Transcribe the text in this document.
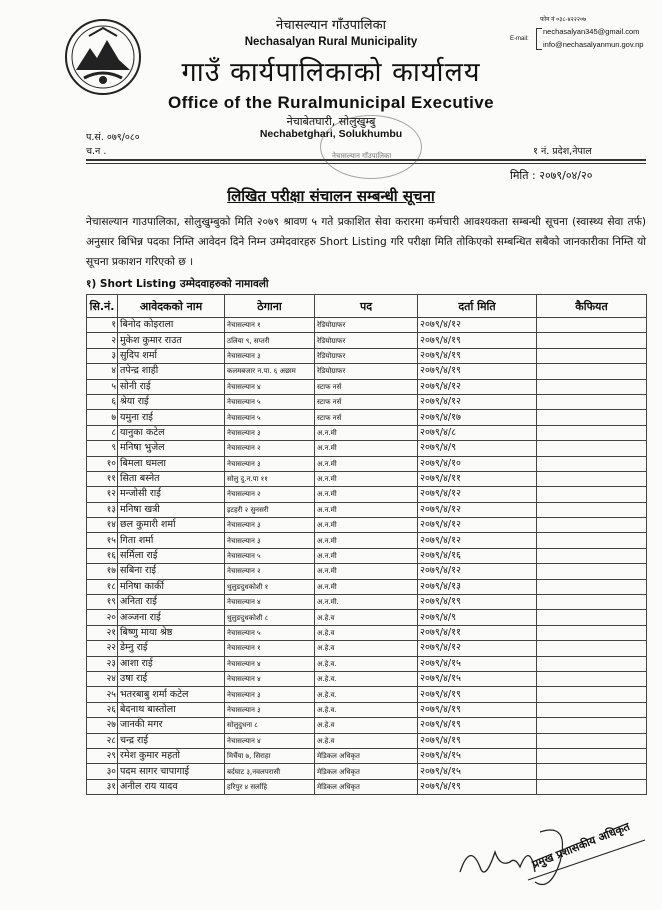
नेचासल्यान गाँउपालिका
Nechasalyan Rural Municipality
गाउँ कार्यपालिकाको कार्यालय
Office of the Ruralmunicipal Executive
नेचाबेतघारी, सोलुखुम्बु
Nechabetghari, Solukhumbu
फोन नं ०३८-४२२२०७
E-mail:
nechasalyan345@gmail.com
info@nechasalyanmun.gov.np
प.सं. ०७९/०८०
च.न .	१ नं. प्रदेश,नेपाल
नेचासल्यान गाँउपालिका
मिति : २०७९/०४/२०
लिखित परीक्षा संचालन सम्बन्धी सूचना
नेचासल्यान गाउपालिका, सोलुखुम्बुको मिति २०७९ श्रावण ५ गते प्रकाशित सेवा करारमा कर्मचारी आवश्यकता सम्बन्धी सूचना (स्वास्थ्य सेवा तर्फ) अनुसार बिभिन्न पदका निम्ति आवेदन दिने निम्न उम्मेदवारहरु Short Listing गरि परीक्षा मिति तोकिएको सम्बन्धित सबैको जानकारीका निम्ति यो सूचना प्रकाशन गरिएको छ ।
१) Short Listing उम्मेदवाहरुको नामावली
सि.नं.	आवेदकको नाम	ठेगाना	पद	दर्ता मिति	कैफियत
१	बिनोद कोइराला	नेचासल्यान १	रेडियोग्राफर	२०७९/४/१२	
२	मुकेश कुमार राउत	ठलिया ९, सप्तरी	रेडियोग्राफर	२०७९/४/१९	
३	सुदिप शर्मा	नेचासल्यान ३	रेडियोग्राफर	२०७९/४/१९	
४	तपेन्द्र शाही	कलमबजार न.पा. ६ अछाम	रेडियोग्राफर	२०७९/४/१९	
५	सोनी राई	नेचासल्यान ४	स्टाफ नर्स	२०७९/४/१२	
६	श्रेया राई	नेचासल्यान ५	स्टाफ नर्स	२०७९/४/१२	
७	यमुना राई	नेचासल्यान ५	स्टाफ नर्स	२०७९/४/१७	
८	यानुका कटेल	नेचासल्यान ३	अ.न.मी	२०७९/४/८	
९	मनिषा भुजेल	नेचासल्यान २	अ.न.मी	२०७९/४/९	
१०	बिमला धमला	नेचासल्यान ३	अ.न.मी	२०७९/४/१०	
११	सिता बस्नेत	सोलु दु.न.पा ११	अ.न.मी	२०७९/४/११	
१२	मन्जोसी राई	नेचासल्यान २	अ.न.मी	२०७९/४/१२	
१३	मनिषा खत्री	इटहरी २ सुनसरी	अ.न.मी	२०७९/४/१२	
१४	छल कुमारी शर्मा	नेचासल्यान ३	अ.न.मी	२०७९/४/१२	
१५	गिता शर्मा	नेचासल्यान ३	अ.न.मी	२०७९/४/१२	
१६	सर्मिला राई	नेचासल्यान ५	अ.न.मी	२०७९/४/१६	
१७	सबिना राई	नेचासल्यान २	अ.न.मी	२०७९/४/१२	
१८	मनिषा कार्की	थुलुङदुधकोशी १	अ.न.मी	२०७९/४/१३	
१९	अनिता राई	नेचासल्यान ४	अ.न.मी.	२०७९/४/१९	
२०	अञ्जना राई	थुलुङदुधकोशी ८	अ.हे.व	२०७९/४/९	
२१	बिष्णु माया श्रेष्ठ	नेचासल्यान ५	अ.हे.व	२०७९/४/११	
२२	डेम्नु राई	नेचासल्यान १	अ.हे.व	२०७९/४/१२	
२३	आशा राई	नेचासल्यान ४	अ.हे.व.	२०७९/४/१५	
२४	उषा राई	नेचासल्यान ४	अ.हे.व.	२०७९/४/१५	
२५	भतरबाबु शर्मा कटेल	नेचासल्यान ३	अ.हे.व.	२०७९/४/१९	
२६	बेदनाथ बास्तोला	नेचासल्यान ३	अ.हे.व.	२०७९/४/१९	
२७	जानकी मगर	सोलुदुधना ८	अ.हे.व	२०७९/४/१९	
२८	चन्द्र राई	नेचासल्यान ४	अ.हे.व	२०७९/४/१९	
२९	रमेश कुमार महतो	मिर्चैया ७, सिराहा	मेडिकल अधिकृत	२०७९/४/१५	
३०	पदम सागर चापागाई	बर्दघाट ३,नवलपरासी	मेडिकल अधिकृत	२०७९/४/१५	
३१	अनील राय यादव	हरिपुर ४ सर्लाहि	मेडिकल अधिकृत	२०७९/४/१९	
प्रमुख प्रशासकीय अधिकृत
